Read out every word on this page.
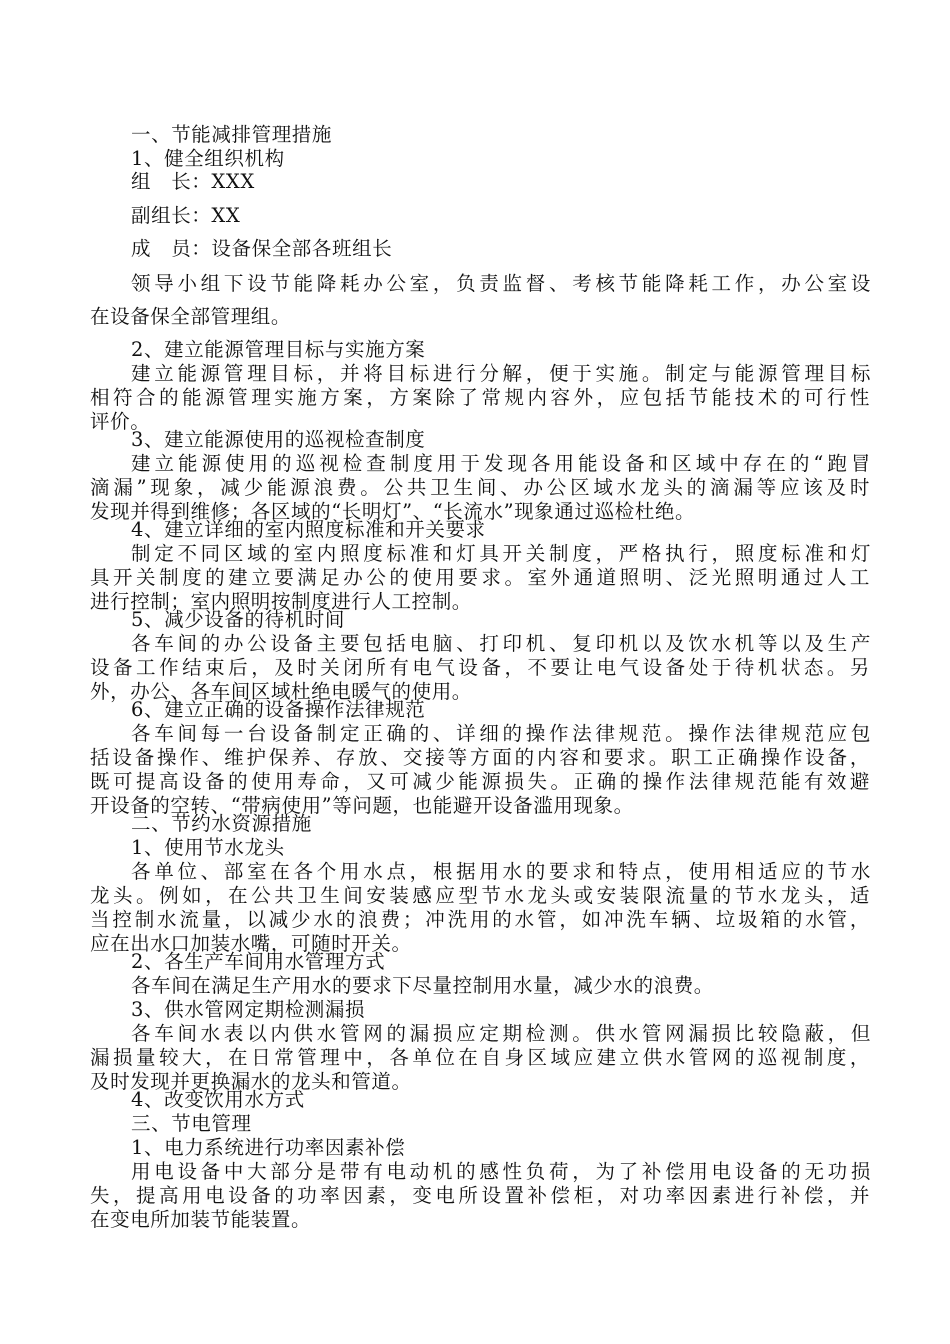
一、节能减排管理措施
1、健全组织机构
组　长：XXX
副组长：XX
成　员：设备保全部各班组长
领导小组下设节能降耗办公室，负责监督、考核节能降耗工作，办公室设
在设备保全部管理组。
2、建立能源管理目标与实施方案
建立能源管理目标，并将目标进行分解，便于实施。制定与能源管理目标
相符合的能源管理实施方案，方案除了常规内容外，应包括节能技术的可行性
评价。
3、建立能源使用的巡视检查制度
建立能源使用的巡视检查制度用于发现各用能设备和区域中存在的“跑冒
滴漏”现象，减少能源浪费。公共卫生间、办公区域水龙头的滴漏等应该及时
发现并得到维修；各区域的“长明灯”、“长流水”现象通过巡检杜绝。
4、建立详细的室内照度标准和开关要求
制定不同区域的室内照度标准和灯具开关制度，严格执行，照度标准和灯
具开关制度的建立要满足办公的使用要求。室外通道照明、泛光照明通过人工
进行控制；室内照明按制度进行人工控制。
5、减少设备的待机时间
各车间的办公设备主要包括电脑、打印机、复印机以及饮水机等以及生产
设备工作结束后，及时关闭所有电气设备，不要让电气设备处于待机状态。另
外，办公、各车间区域杜绝电暖气的使用。
6、建立正确的设备操作法律规范
各车间每一台设备制定正确的、详细的操作法律规范。操作法律规范应包
括设备操作、维护保养、存放、交接等方面的内容和要求。职工正确操作设备，
既可提高设备的使用寿命，又可减少能源损失。正确的操作法律规范能有效避
开设备的空转、“带病使用”等问题，也能避开设备滥用现象。
二、节约水资源措施
1、使用节水龙头
各单位、部室在各个用水点，根据用水的要求和特点，使用相适应的节水
龙头。例如，在公共卫生间安装感应型节水龙头或安装限流量的节水龙头，适
当控制水流量，以减少水的浪费；冲洗用的水管，如冲洗车辆、垃圾箱的水管，
应在出水口加装水嘴，可随时开关。
2、各生产车间用水管理方式
各车间在满足生产用水的要求下尽量控制用水量，减少水的浪费。
3、供水管网定期检测漏损
各车间水表以内供水管网的漏损应定期检测。供水管网漏损比较隐蔽，但
漏损量较大，在日常管理中，各单位在自身区域应建立供水管网的巡视制度，
及时发现并更换漏水的龙头和管道。
4、改变饮用水方式
三、节电管理
1、电力系统进行功率因素补偿
用电设备中大部分是带有电动机的感性负荷，为了补偿用电设备的无功损
失，提高用电设备的功率因素，变电所设置补偿柜，对功率因素进行补偿，并
在变电所加装节能装置。
